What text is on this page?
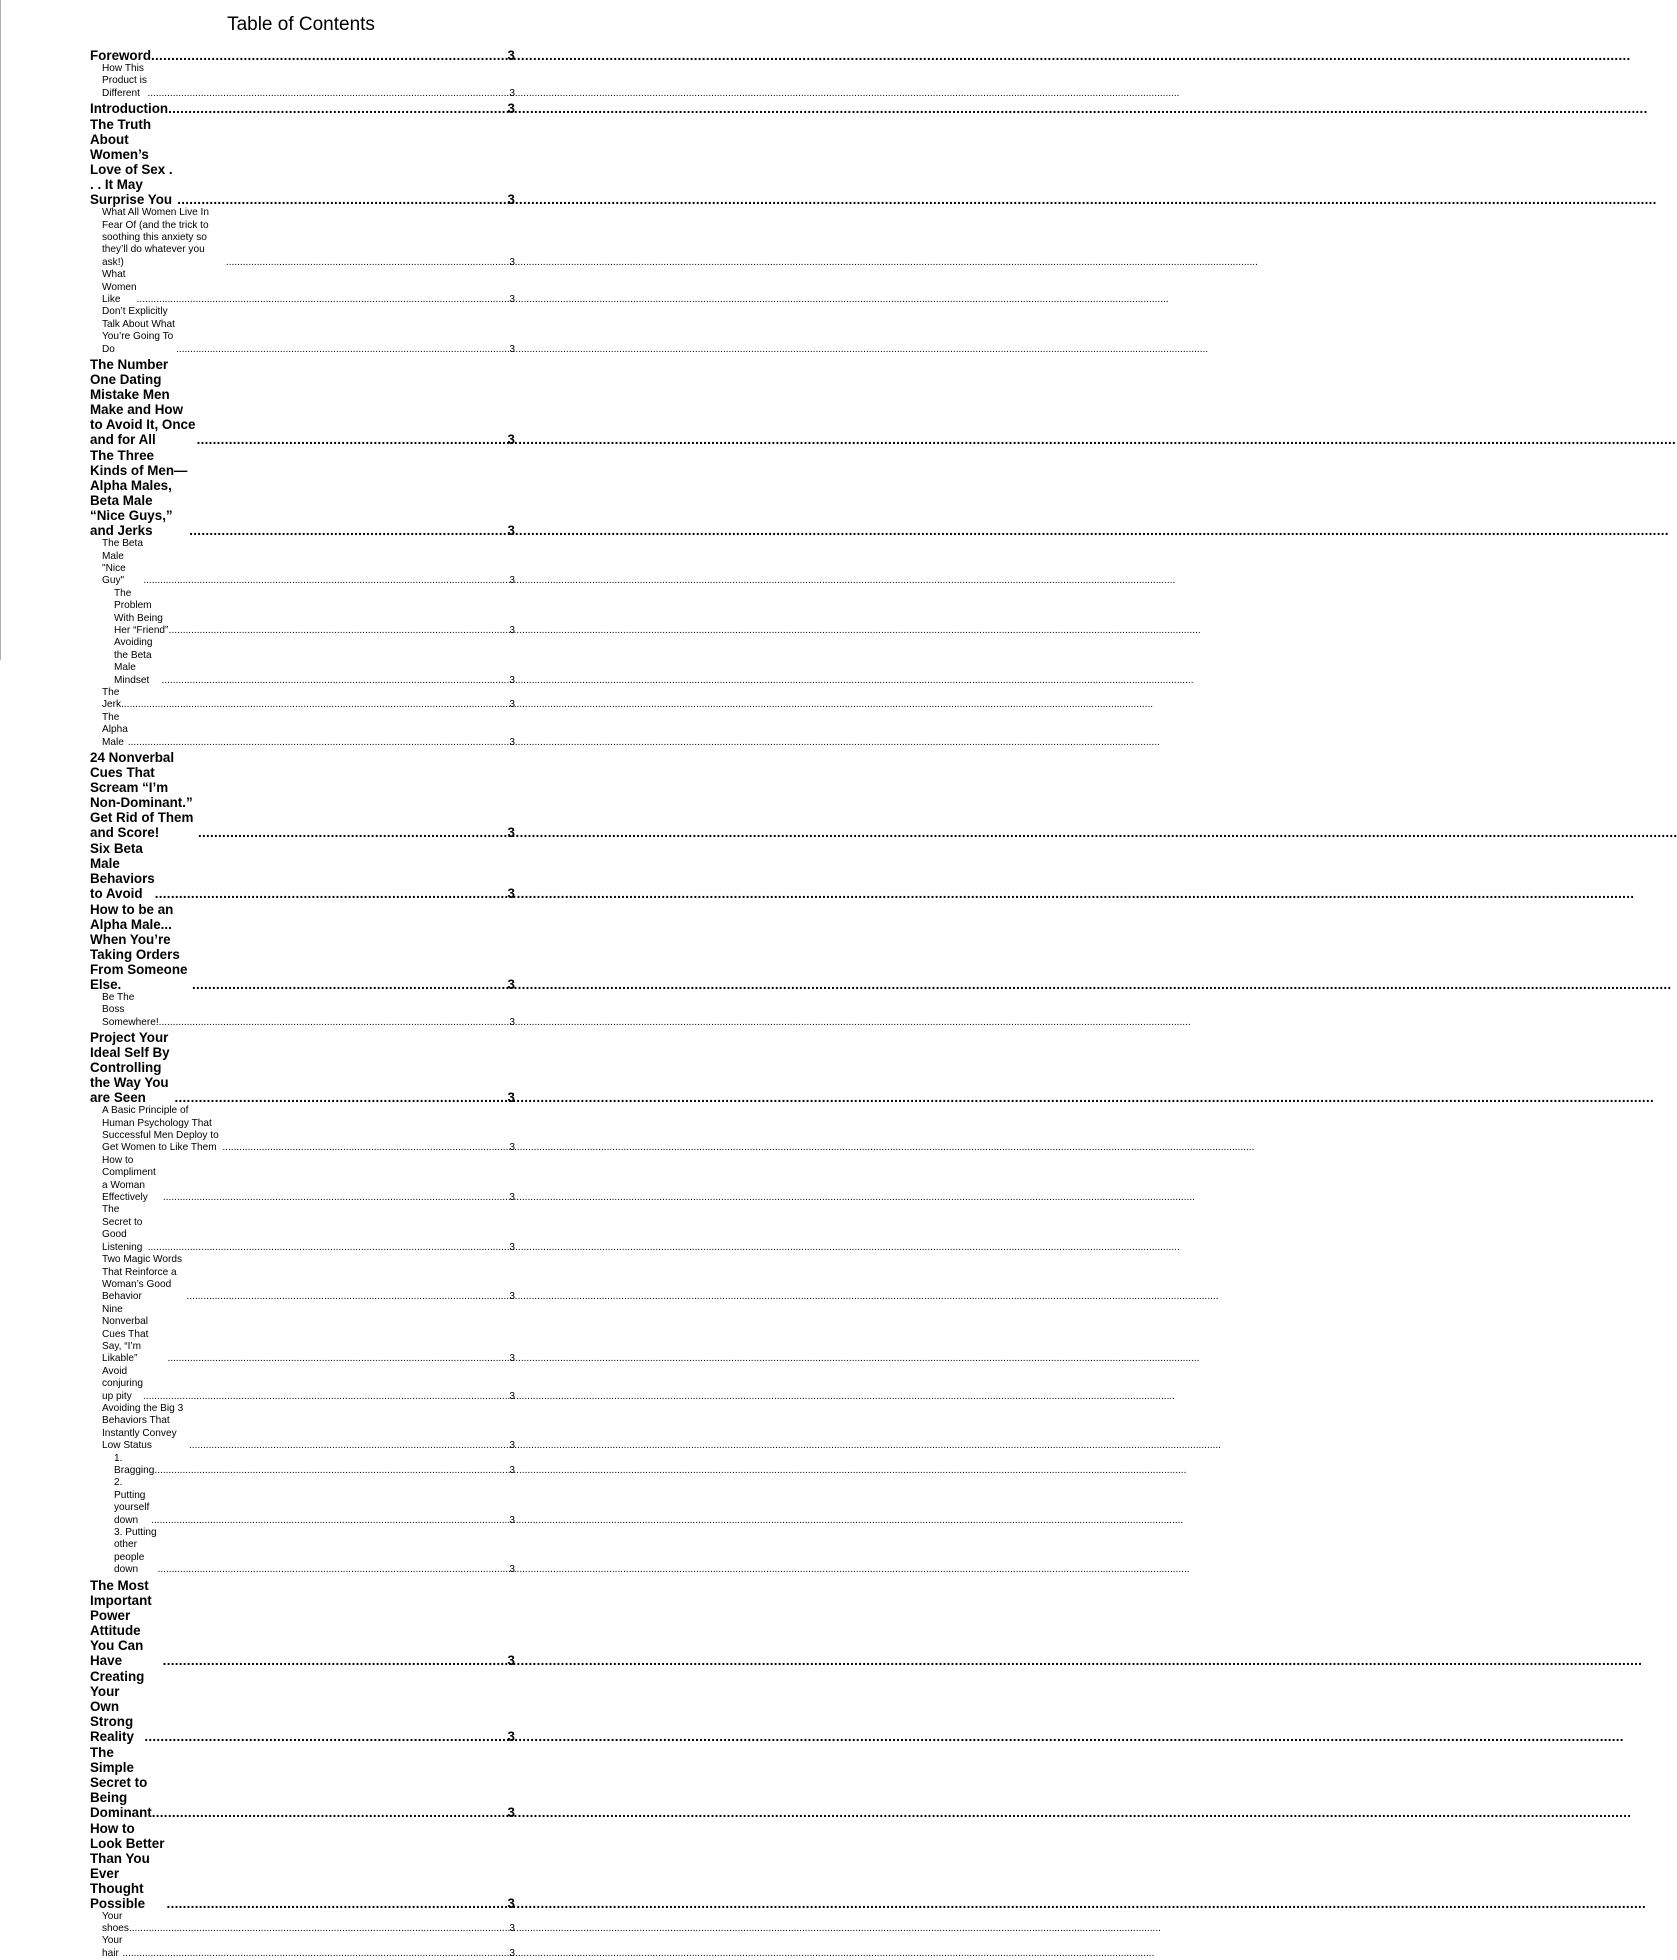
Table of Contents
Foreword .....	3
How This Product is Different .....	3
Introduction .....	3
The Truth About Women’s Love of Sex . . . It May Surprise You .....	3
What All Women Live In Fear Of (and the trick to soothing this anxiety so they’ll do whatever you ask!) .....	3
What Women Like .....	3
Don’t Explicitly Talk About What You’re Going To Do .....	3
The Number One Dating Mistake Men Make and How to Avoid It, Once and for All .....	3
The Three Kinds of Men—Alpha Males, Beta Male “Nice Guys,” and Jerks .....	3
The Beta Male "Nice Guy" .....	3
The Problem With Being Her “Friend” .....	3
Avoiding the Beta Male Mindset .....	3
The Jerk .....	3
The Alpha Male .....	3
24 Nonverbal Cues That Scream “I’m Non-Dominant.” Get Rid of Them and Score! .....	3
Six Beta Male Behaviors to Avoid .....	3
How to be an Alpha Male... When You’re Taking Orders From Someone Else. .....	3
Be The Boss Somewhere! .....	3
Project Your Ideal Self By Controlling the Way You are Seen .....	3
A Basic Principle of Human Psychology That Successful Men Deploy to Get Women to Like Them .....	3
How to Compliment a Woman Effectively .....	3
The Secret to Good Listening .....	3
Two Magic Words That Reinforce a Woman’s Good Behavior .....	3
Nine Nonverbal Cues That Say, “I’m Likable” .....	3
Avoid conjuring up pity .....	3
Avoiding the Big 3 Behaviors That Instantly Convey Low Status .....	3
1. Bragging .....	3
2. Putting yourself down .....	3
3. Putting other people down .....	3
The Most Important Power Attitude You Can Have .....	3
Creating Your Own Strong Reality .....	3
The Simple Secret to Being Dominant .....	3
How to Look Better Than You Ever Thought Possible .....	3
Your shoes .....	3
Your hair .....	3
